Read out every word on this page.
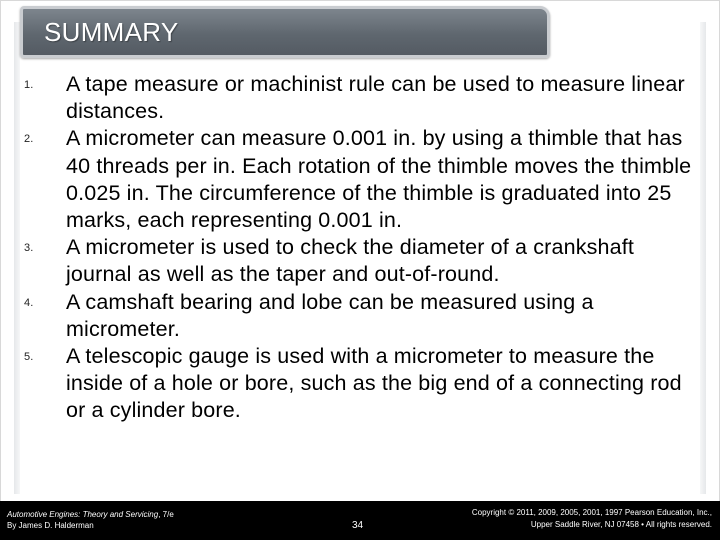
SUMMARY
1. A tape measure or machinist rule can be used to measure linear distances.
2. A micrometer can measure 0.001 in. by using a thimble that has 40 threads per in. Each rotation of the thimble moves the thimble 0.025 in. The circumference of the thimble is graduated into 25 marks, each representing 0.001 in.
3. A micrometer is used to check the diameter of a crankshaft journal as well as the taper and out-of-round.
4. A camshaft bearing and lobe can be measured using a micrometer.
5. A telescopic gauge is used with a micrometer to measure the inside of a hole or bore, such as the big end of a connecting rod or a cylinder bore.
Automotive Engines: Theory and Servicing, 7/e
By James D. Halderman	34
Copyright © 2011, 2009, 2005, 2001, 1997 Pearson Education, Inc.,
Upper Saddle River, NJ 07458 • All rights reserved.
